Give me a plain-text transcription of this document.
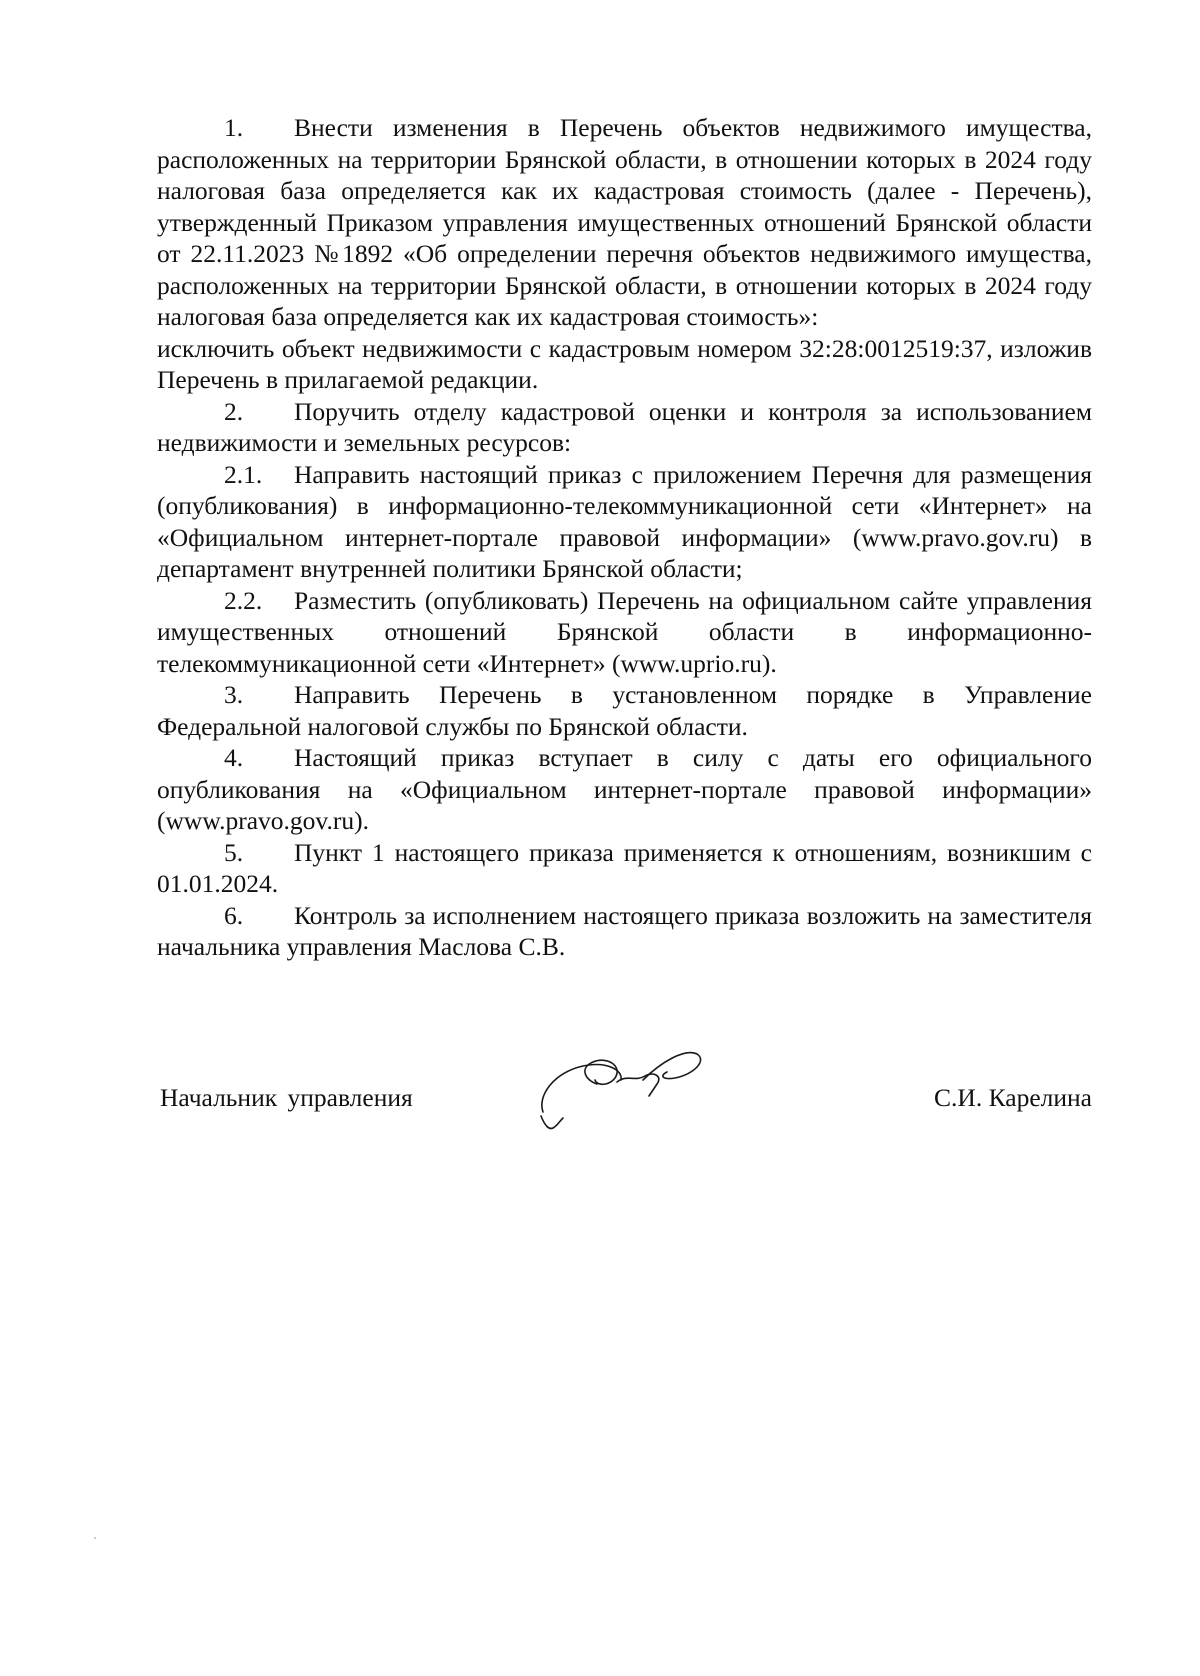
1. Внести изменения в Перечень объектов недвижимого имущества, расположенных на территории Брянской области, в отношении которых в 2024 году налоговая база определяется как их кадастровая стоимость (далее - Перечень), утвержденный Приказом управления имущественных отношений Брянской области от 22.11.2023 №1892 «Об определении перечня объектов недвижимого имущества, расположенных на территории Брянской области, в отношении которых в 2024 году налоговая база определяется как их кадастровая стоимость»:

исключить объект недвижимости с кадастровым номером 32:28:0012519:37, изложив Перечень в прилагаемой редакции.

2. Поручить отделу кадастровой оценки и контроля за использованием недвижимости и земельных ресурсов:

2.1. Направить настоящий приказ с приложением Перечня для размещения (опубликования) в информационно-телекоммуникационной сети «Интернет» на «Официальном интернет-портале правовой информации» (www.pravo.gov.ru) в департамент внутренней политики Брянской области;

2.2. Разместить (опубликовать) Перечень на официальном сайте управления имущественных отношений Брянской области в информационно-телекоммуникационной сети «Интернет» (www.uprio.ru).

3. Направить Перечень в установленном порядке в Управление Федеральной налоговой службы по Брянской области.

4. Настоящий приказ вступает в силу с даты его официального опубликования на «Официальном интернет-портале правовой информации» (www.pravo.gov.ru).

5. Пункт 1 настоящего приказа применяется к отношениям, возникшим с 01.01.2024.

6. Контроль за исполнением настоящего приказа возложить на заместителя начальника управления Маслова С.В.

Начальник управления	С.И. Карелина
